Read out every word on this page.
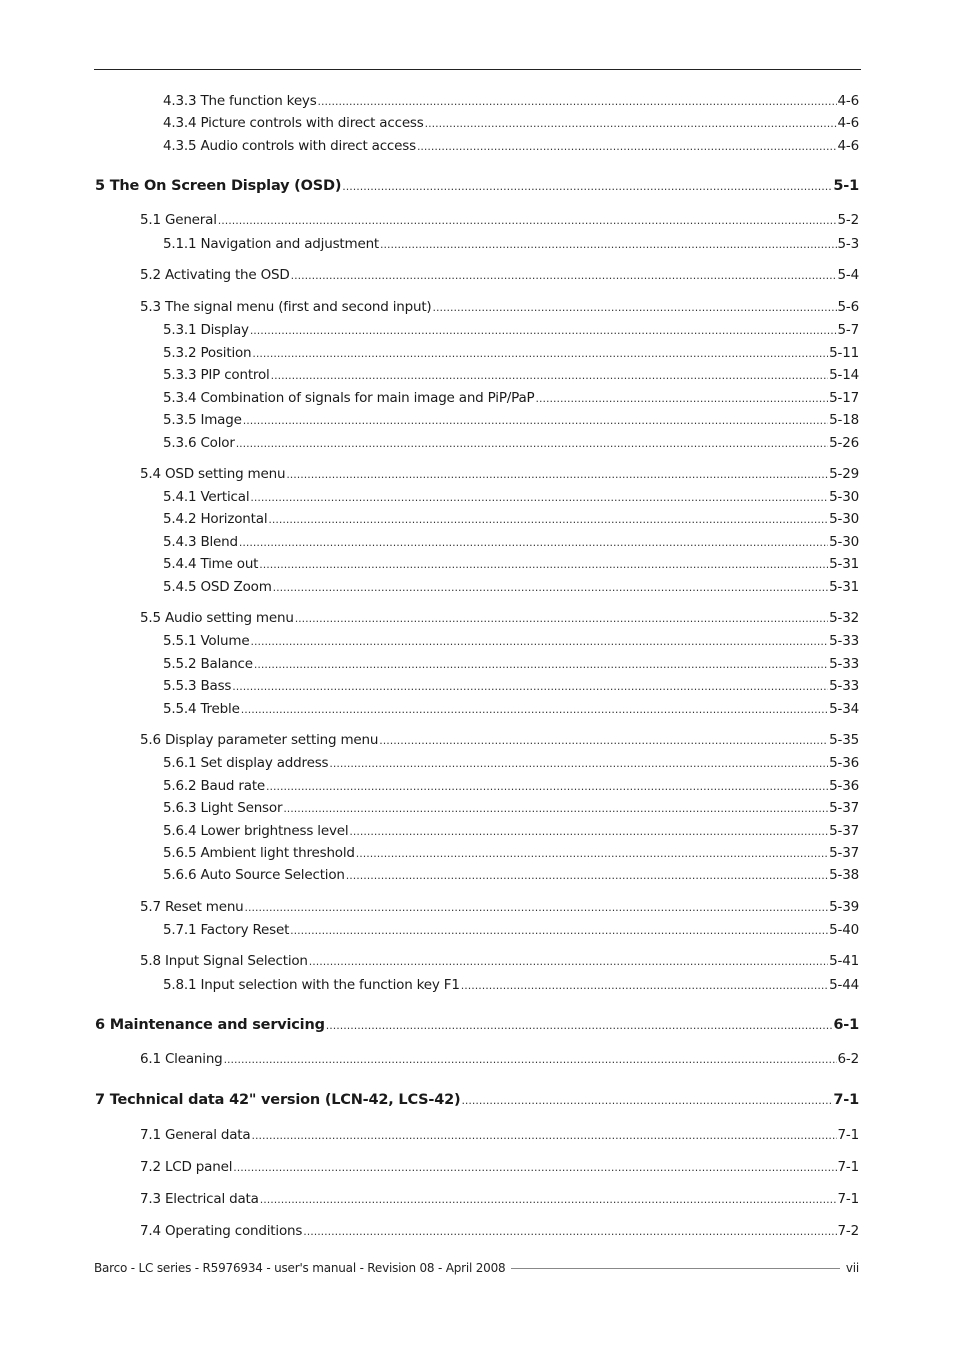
4.3.3 The function keys .....	4-6
4.3.4 Picture controls with direct access .....	4-6
4.3.5 Audio controls with direct access .....	4-6
5 The On Screen Display (OSD) .....	5-1
5.1 General .....	5-2
5.1.1 Navigation and adjustment .....	5-3
5.2 Activating the OSD .....	5-4
5.3 The signal menu (first and second input) .....	5-6
5.3.1 Display .....	5-7
5.3.2 Position .....	5-11
5.3.3 PIP control .....	5-14
5.3.4 Combination of signals for main image and PiP/PaP .....	5-17
5.3.5 Image .....	5-18
5.3.6 Color .....	5-26
5.4 OSD setting menu .....	5-29
5.4.1 Vertical .....	5-30
5.4.2 Horizontal .....	5-30
5.4.3 Blend .....	5-30
5.4.4 Time out .....	5-31
5.4.5 OSD Zoom .....	5-31
5.5 Audio setting menu .....	5-32
5.5.1 Volume .....	5-33
5.5.2 Balance .....	5-33
5.5.3 Bass .....	5-33
5.5.4 Treble .....	5-34
5.6 Display parameter setting menu .....	5-35
5.6.1 Set display address .....	5-36
5.6.2 Baud rate .....	5-36
5.6.3 Light Sensor .....	5-37
5.6.4 Lower brightness level .....	5-37
5.6.5 Ambient light threshold .....	5-37
5.6.6 Auto Source Selection .....	5-38
5.7 Reset menu .....	5-39
5.7.1 Factory Reset .....	5-40
5.8 Input Signal Selection .....	5-41
5.8.1 Input selection with the function key F1 .....	5-44
6 Maintenance and servicing .....	6-1
6.1 Cleaning .....	6-2
7 Technical data 42" version (LCN-42, LCS-42) .....	7-1
7.1 General data .....	7-1
7.2 LCD panel .....	7-1
7.3 Electrical data .....	7-1
7.4 Operating conditions .....	7-2
Barco - LC series - R5976934 - user's manual - Revision 08 - April 2008	vii
